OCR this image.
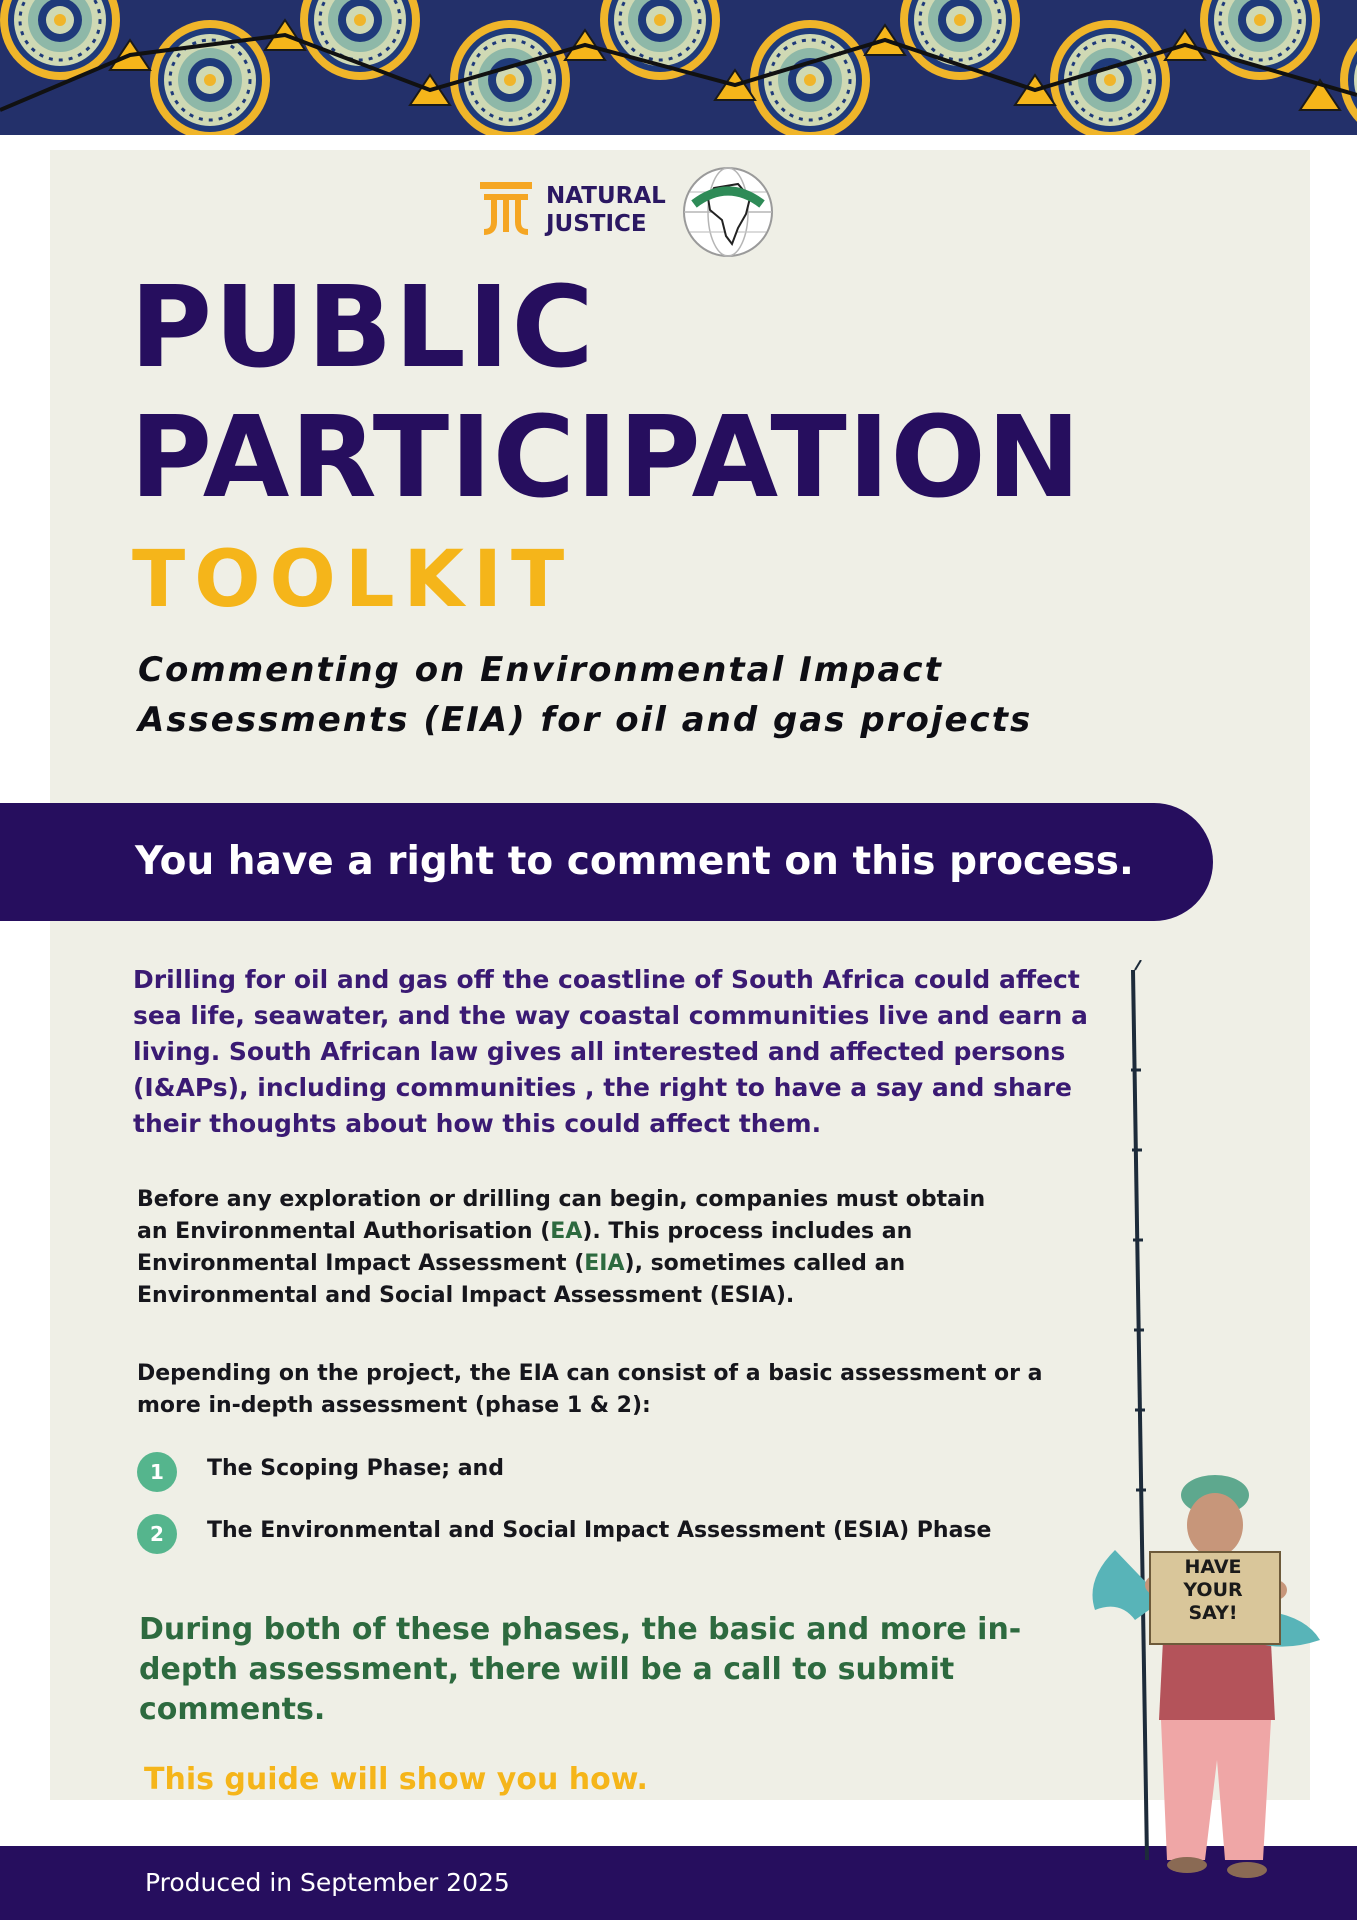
NATURAL
JUSTICE
PUBLIC
PARTICIPATION
TOOLKIT

Commenting on Environmental Impact
Assessments (EIA) for oil and gas projects

You have a right to comment on this process.

Drilling for oil and gas off the coastline of South Africa could affect
sea life, seawater, and the way coastal communities live and earn a
living. South African law gives all interested and affected persons
(I&APs), including communities , the right to have a say and share
their thoughts about how this could affect them.

Before any exploration or drilling can begin, companies must obtain
an Environmental Authorisation (EA). This process includes an
Environmental Impact Assessment (EIA), sometimes called an
Environmental and Social Impact Assessment (ESIA).

Depending on the project, the EIA can consist of a basic assessment or a
more in-depth assessment (phase 1 & 2):

1	The Scoping Phase; and
2	The Environmental and Social Impact Assessment (ESIA) Phase

During both of these phases, the basic and more in-
depth assessment, there will be a call to submit
comments.

This guide will show you how.

Produced in September 2025

HAVE
YOUR
SAY!
